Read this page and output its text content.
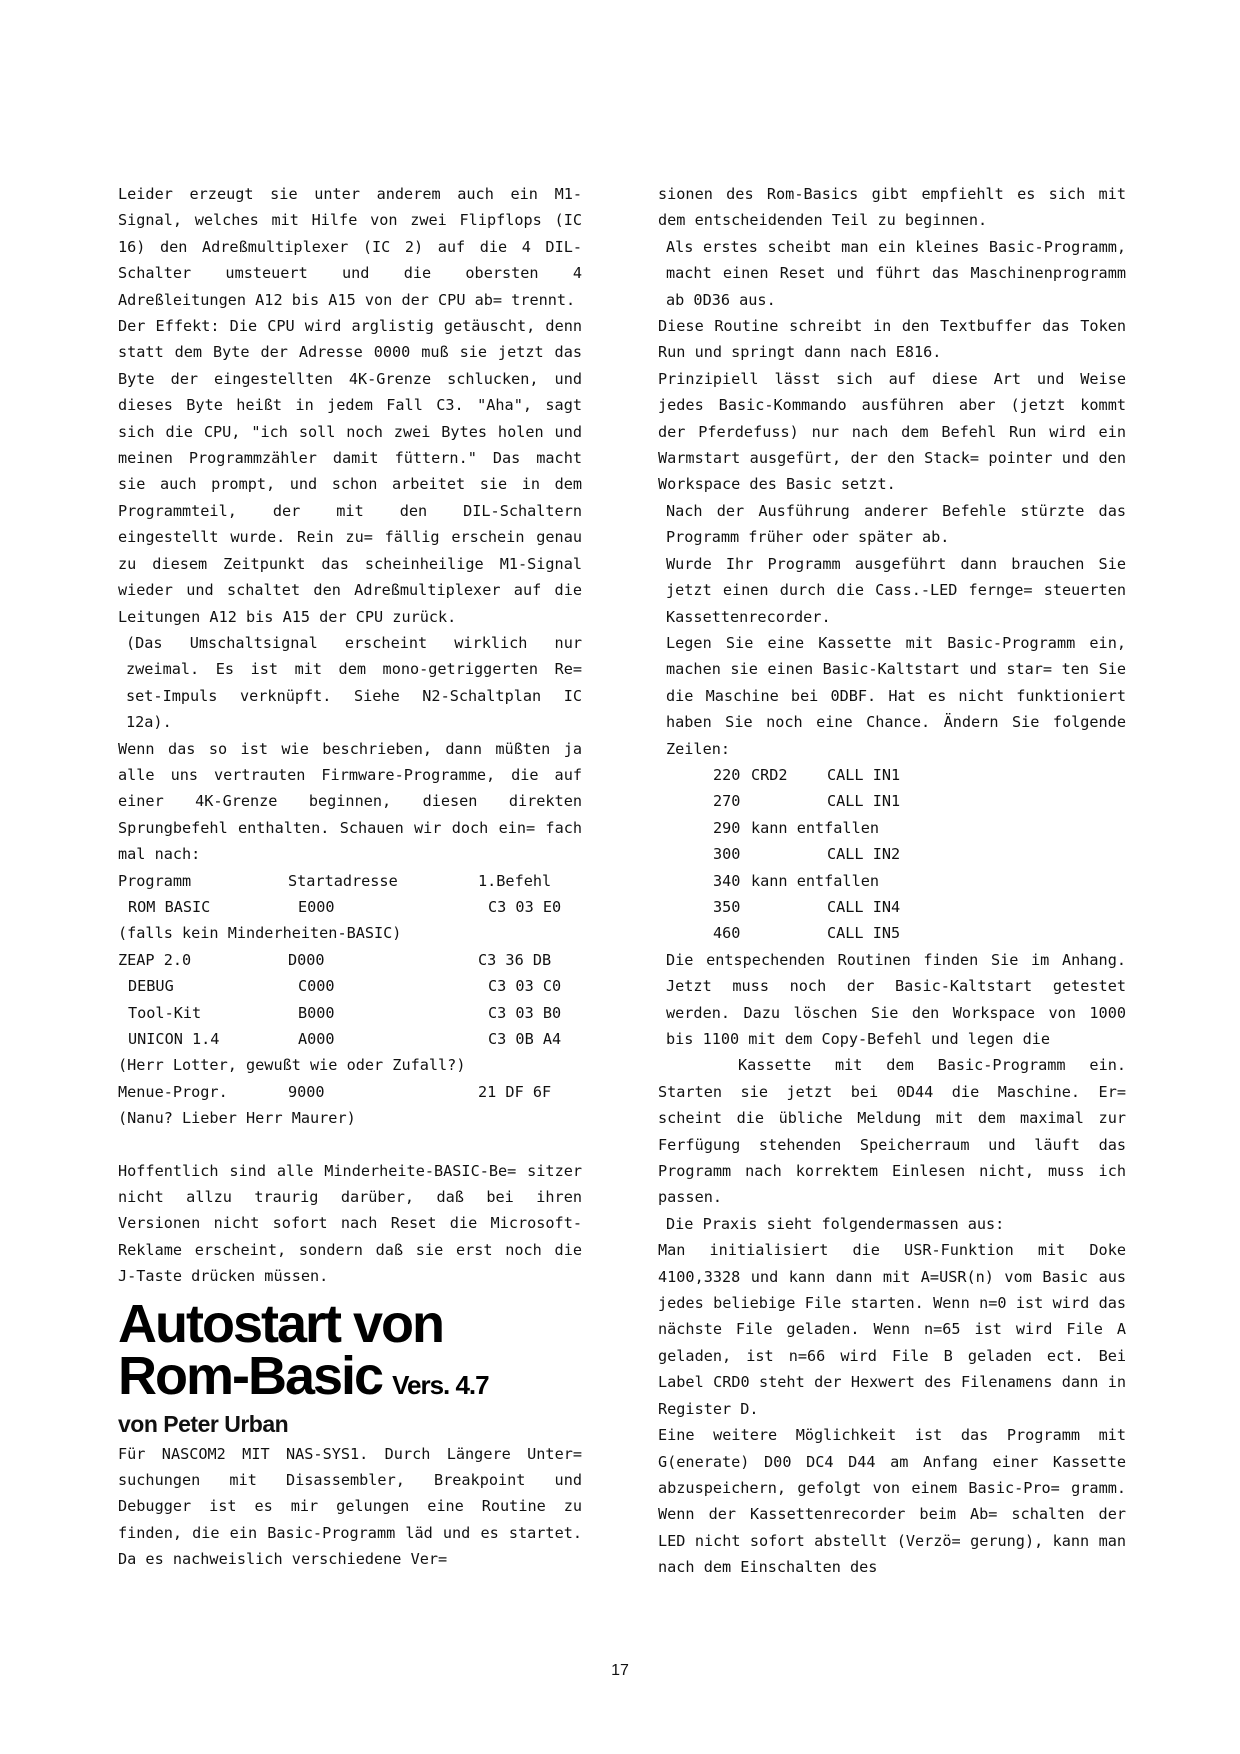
Leider erzeugt sie unter anderem auch ein M1-Signal, welches mit Hilfe von zwei Flipflops (IC 16) den Adreßmultiplexer (IC 2) auf die 4 DIL-Schalter umsteuert und die obersten 4 Adreßleitungen A12 bis A15 von der CPU ab= trennt.

Der Effekt: Die CPU wird arglistig getäuscht, denn statt dem Byte der Adresse 0000 muß sie jetzt das Byte der eingestellten 4K-Grenze schlucken, und dieses Byte heißt in jedem Fall C3. "Aha", sagt sich die CPU, "ich soll noch zwei Bytes holen und meinen Programmzähler damit füttern." Das macht sie auch prompt, und schon arbeitet sie in dem Programmteil, der mit den DIL-Schaltern eingestellt wurde. Rein zu= fällig erschein genau zu diesem Zeitpunkt das scheinheilige M1-Signal wieder und schaltet den Adreßmultiplexer auf die Leitungen A12 bis A15 der CPU zurück.

(Das Umschaltsignal erscheint wirklich nur zweimal. Es ist mit dem mono-getriggerten Re= set-Impuls verknüpft. Siehe N2-Schaltplan IC 12a).

Wenn das so ist wie beschrieben, dann müßten ja alle uns vertrauten Firmware-Programme, die auf einer 4K-Grenze beginnen, diesen direkten Sprungbefehl enthalten. Schauen wir doch ein= fach mal nach:

Programm	Startadresse	1.Befehl
ROM BASIC	E000	C3 03 E0
(falls kein Minderheiten-BASIC)		
ZEAP 2.0	D000	C3 36 DB
DEBUG	C000	C3 03 C0
Tool-Kit	B000	C3 03 B0
UNICON 1.4	A000	C3 0B A4
(Herr Lotter, gewußt wie oder Zufall?)		
Menue-Progr.	9000	21 DF 6F
(Nanu? Lieber Herr Maurer)		

Hoffentlich sind alle Minderheite-BASIC-Be= sitzer nicht allzu traurig darüber, daß bei ihren Versionen nicht sofort nach Reset die Microsoft-Reklame erscheint, sondern daß sie erst noch die J-Taste drücken müssen.

Autostart von

Rom-Basic Vers. 4.7

von Peter Urban

Für NASCOM2 MIT NAS-SYS1. Durch Längere Unter= suchungen mit Disassembler, Breakpoint und Debugger ist es mir gelungen eine Routine zu finden, die ein Basic-Programm läd und es startet. Da es nachweislich verschiedene Ver=

sionen des Rom-Basics gibt empfiehlt es sich mit dem entscheidenden Teil zu beginnen.

Als erstes scheibt man ein kleines Basic-Programm, macht einen Reset und führt das Maschinenprogramm ab 0D36 aus.

Diese Routine schreibt in den Textbuffer das Token Run und springt dann nach E816.

Prinzipiell lässt sich auf diese Art und Weise jedes Basic-Kommando ausführen aber (jetzt kommt der Pferdefuss) nur nach dem Befehl Run wird ein Warmstart ausgefürt, der den Stack= pointer und den Workspace des Basic setzt.

Nach der Ausführung anderer Befehle stürzte das Programm früher oder später ab.

Wurde Ihr Programm ausgeführt dann brauchen Sie jetzt einen durch die Cass.-LED fernge= steuerten Kassettenrecorder.

Legen Sie eine Kassette mit Basic-Programm ein, machen sie einen Basic-Kaltstart und star= ten Sie die Maschine bei 0DBF. Hat es nicht funktioniert haben Sie noch eine Chance. Ändern Sie folgende Zeilen:

220	CRD2	CALL IN1
270		CALL IN1
290	kann entfallen	
300		CALL IN2
340	kann entfallen	
350		CALL IN4
460		CALL IN5

Die entspechenden Routinen finden Sie im Anhang. Jetzt muss noch der Basic-Kaltstart getestet werden. Dazu löschen Sie den Workspace von 1000 bis 1100 mit dem Copy-Befehl und legen die

Kassette mit dem Basic-Programm ein. Starten sie jetzt bei 0D44 die Maschine. Er= scheint die übliche Meldung mit dem maximal zur Ferfügung stehenden Speicherraum und läuft das Programm nach korrektem Einlesen nicht, muss ich passen.

Die Praxis sieht folgendermassen aus:

Man initialisiert die USR-Funktion mit Doke 4100,3328 und kann dann mit A=USR(n) vom Basic aus jedes beliebige File starten. Wenn n=0 ist wird das nächste File geladen. Wenn n=65 ist wird File A geladen, ist n=66 wird File B geladen ect. Bei Label CRD0 steht der Hexwert des Filenamens dann in Register D.

Eine weitere Möglichkeit ist das Programm mit G(enerate) D00 DC4 D44 am Anfang einer Kassette abzuspeichern, gefolgt von einem Basic-Pro= gramm. Wenn der Kassettenrecorder beim Ab= schalten der LED nicht sofort abstellt (Verzö= gerung), kann man nach dem Einschalten des

17
